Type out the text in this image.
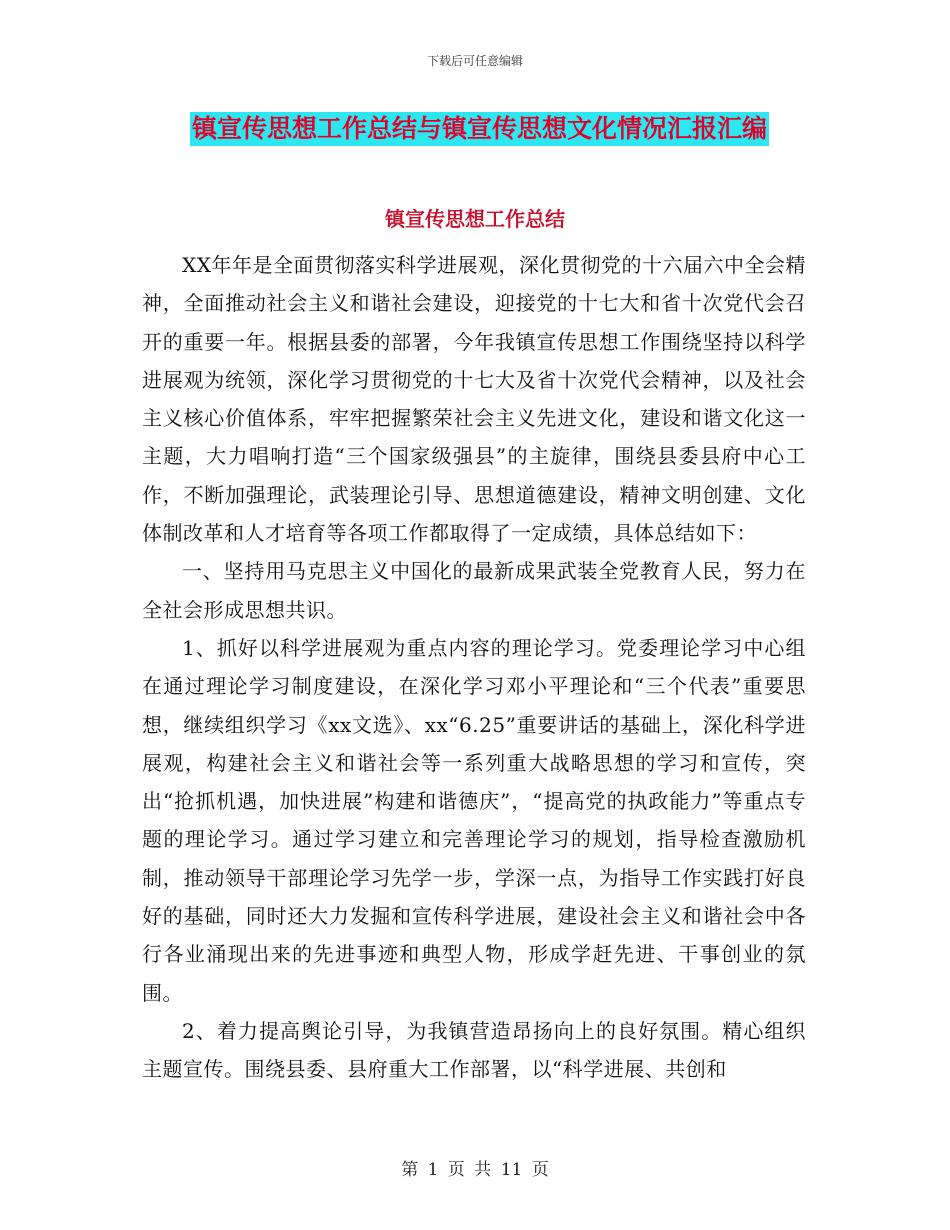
下载后可任意编辑
镇宣传思想工作总结与镇宣传思想文化情况汇报汇编
镇宣传思想工作总结

XX年年是全面贯彻落实科学进展观，深化贯彻党的十六届六中全会精神，全面推动社会主义和谐社会建设，迎接党的十七大和省十次党代会召开的重要一年。根据县委的部署，今年我镇宣传思想工作围绕坚持以科学进展观为统领，深化学习贯彻党的十七大及省十次党代会精神，以及社会主义核心价值体系，牢牢把握繁荣社会主义先进文化，建设和谐文化这一主题，大力唱响打造“三个国家级强县”的主旋律，围绕县委县府中心工作，不断加强理论，武装理论引导、思想道德建设，精神文明创建、文化体制改革和人才培育等各项工作都取得了一定成绩，具体总结如下：

一、坚持用马克思主义中国化的最新成果武装全党教育人民，努力在全社会形成思想共识。

1、抓好以科学进展观为重点内容的理论学习。党委理论学习中心组在通过理论学习制度建设，在深化学习邓小平理论和“三个代表”重要思想，继续组织学习《xx文选》、xx“6.25”重要讲话的基础上，深化科学进展观，构建社会主义和谐社会等一系列重大战略思想的学习和宣传，突出“抢抓机遇，加快进展”构建和谐德庆”，“提高党的执政能力”等重点专题的理论学习。通过学习建立和完善理论学习的规划，指导检查激励机制，推动领导干部理论学习先学一步，学深一点，为指导工作实践打好良好的基础，同时还大力发掘和宣传科学进展，建设社会主义和谐社会中各行各业涌现出来的先进事迹和典型人物，形成学赶先进、干事创业的氛围。

2、着力提高舆论引导，为我镇营造昂扬向上的良好氛围。精心组织主题宣传。围绕县委、县府重大工作部署，以“科学进展、共创和

第 1 页 共 11 页
